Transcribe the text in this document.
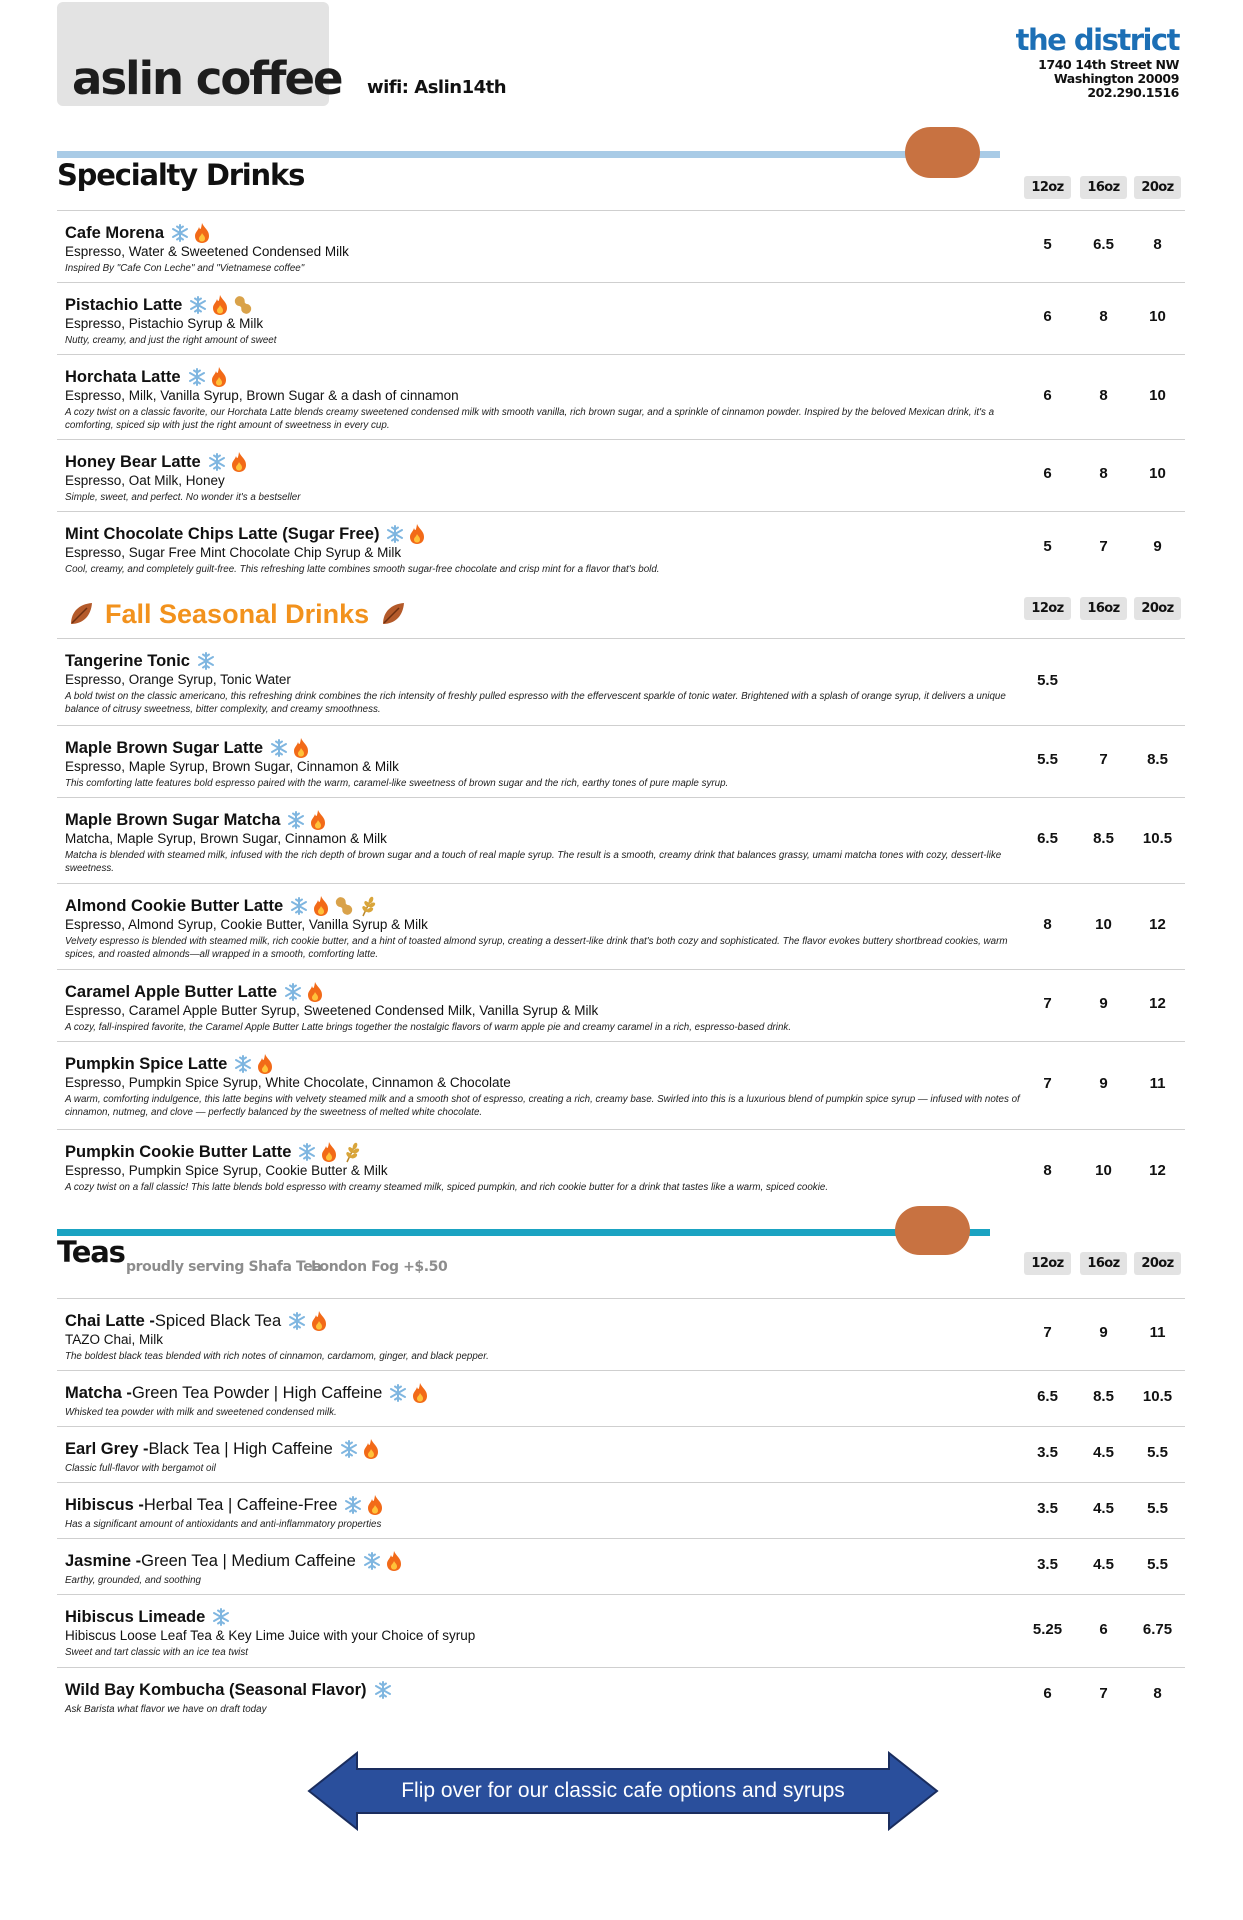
aslin coffee wifi: Aslin14th
the district
1740 14th Street NW
Washington 20009
202.290.1516
Specialty Drinks	12oz	16oz	20oz
Fall Seasonal Drinks	12oz	16oz	20oz
Teas proudly serving Shafa Tea
London Fog +$.50	12oz	16oz	20oz
Cafe Morena
Espresso, Water & Sweetened Condensed Milk
Inspired By "Cafe Con Leche" and "Vietnamese coffee"
5	6.5	8
Pistachio Latte
Espresso, Pistachio Syrup & Milk
Nutty, creamy, and just the right amount of sweet
6	8	10
Horchata Latte
Espresso, Milk, Vanilla Syrup, Brown Sugar & a dash of cinnamon
A cozy twist on a classic favorite, our Horchata Latte blends creamy sweetened condensed milk with smooth vanilla, rich brown sugar, and a sprinkle of cinnamon powder. Inspired by the beloved Mexican drink, it's a comforting, spiced sip with just the right amount of sweetness in every cup.
6	8	10
Honey Bear Latte
Espresso, Oat Milk, Honey
Simple, sweet, and perfect. No wonder it's a bestseller
6	8	10
Mint Chocolate Chips Latte (Sugar Free)
Espresso, Sugar Free Mint Chocolate Chip Syrup & Milk
Cool, creamy, and completely guilt-free. This refreshing latte combines smooth sugar-free chocolate and crisp mint for a flavor that's bold.
5	7	9
Tangerine Tonic
Espresso, Orange Syrup, Tonic Water
A bold twist on the classic americano, this refreshing drink combines the rich intensity of freshly pulled espresso with the effervescent sparkle of tonic water. Brightened with a splash of orange syrup, it delivers a unique balance of citrusy sweetness, bitter complexity, and creamy smoothness.
5.5
Maple Brown Sugar Latte
Espresso, Maple Syrup, Brown Sugar, Cinnamon & Milk
This comforting latte features bold espresso paired with the warm, caramel-like sweetness of brown sugar and the rich, earthy tones of pure maple syrup.
5.5	7	8.5
Maple Brown Sugar Matcha
Matcha, Maple Syrup, Brown Sugar, Cinnamon & Milk
Matcha is blended with steamed milk, infused with the rich depth of brown sugar and a touch of real maple syrup. The result is a smooth, creamy drink that balances grassy, umami matcha tones with cozy, dessert-like sweetness.
6.5	8.5	10.5
Almond Cookie Butter Latte
Espresso, Almond Syrup, Cookie Butter, Vanilla Syrup & Milk
Velvety espresso is blended with steamed milk, rich cookie butter, and a hint of toasted almond syrup, creating a dessert-like drink that's both cozy and sophisticated. The flavor evokes buttery shortbread cookies, warm spices, and roasted almonds—all wrapped in a smooth, comforting latte.
8	10	12
Caramel Apple Butter Latte
Espresso, Caramel Apple Butter Syrup, Sweetened Condensed Milk, Vanilla Syrup & Milk
A cozy, fall-inspired favorite, the Caramel Apple Butter Latte brings together the nostalgic flavors of warm apple pie and creamy caramel in a rich, espresso-based drink.
7	9	12
Pumpkin Spice Latte
Espresso, Pumpkin Spice Syrup, White Chocolate, Cinnamon & Chocolate
A warm, comforting indulgence, this latte begins with velvety steamed milk and a smooth shot of espresso, creating a rich, creamy base. Swirled into this is a luxurious blend of pumpkin spice syrup — infused with notes of cinnamon, nutmeg, and clove — perfectly balanced by the sweetness of melted white chocolate.
7	9	11
Pumpkin Cookie Butter Latte
Espresso, Pumpkin Spice Syrup, Cookie Butter & Milk
A cozy twist on a fall classic! This latte blends bold espresso with creamy steamed milk, spiced pumpkin, and rich cookie butter for a drink that tastes like a warm, spiced cookie.
8	10	12
Chai Latte - Spiced Black Tea
TAZO Chai, Milk
The boldest black teas blended with rich notes of cinnamon, cardamom, ginger, and black pepper.
7	9	11
Matcha - Green Tea Powder | High Caffeine
Whisked tea powder with milk and sweetened condensed milk.
6.5	8.5	10.5
Earl Grey - Black Tea | High Caffeine
Classic full-flavor with bergamot oil
3.5	4.5	5.5
Hibiscus - Herbal Tea | Caffeine-Free
Has a significant amount of antioxidants and anti-inflammatory properties
3.5	4.5	5.5
Jasmine - Green Tea | Medium Caffeine
Earthy, grounded, and soothing
3.5	4.5	5.5
Hibiscus Limeade
Hibiscus Loose Leaf Tea & Key Lime Juice with your Choice of syrup
Sweet and tart classic with an ice tea twist
5.25	6	6.75
Wild Bay Kombucha (Seasonal Flavor)
Ask Barista what flavor we have on draft today
6	7	8
Flip over for our classic cafe options and syrups
